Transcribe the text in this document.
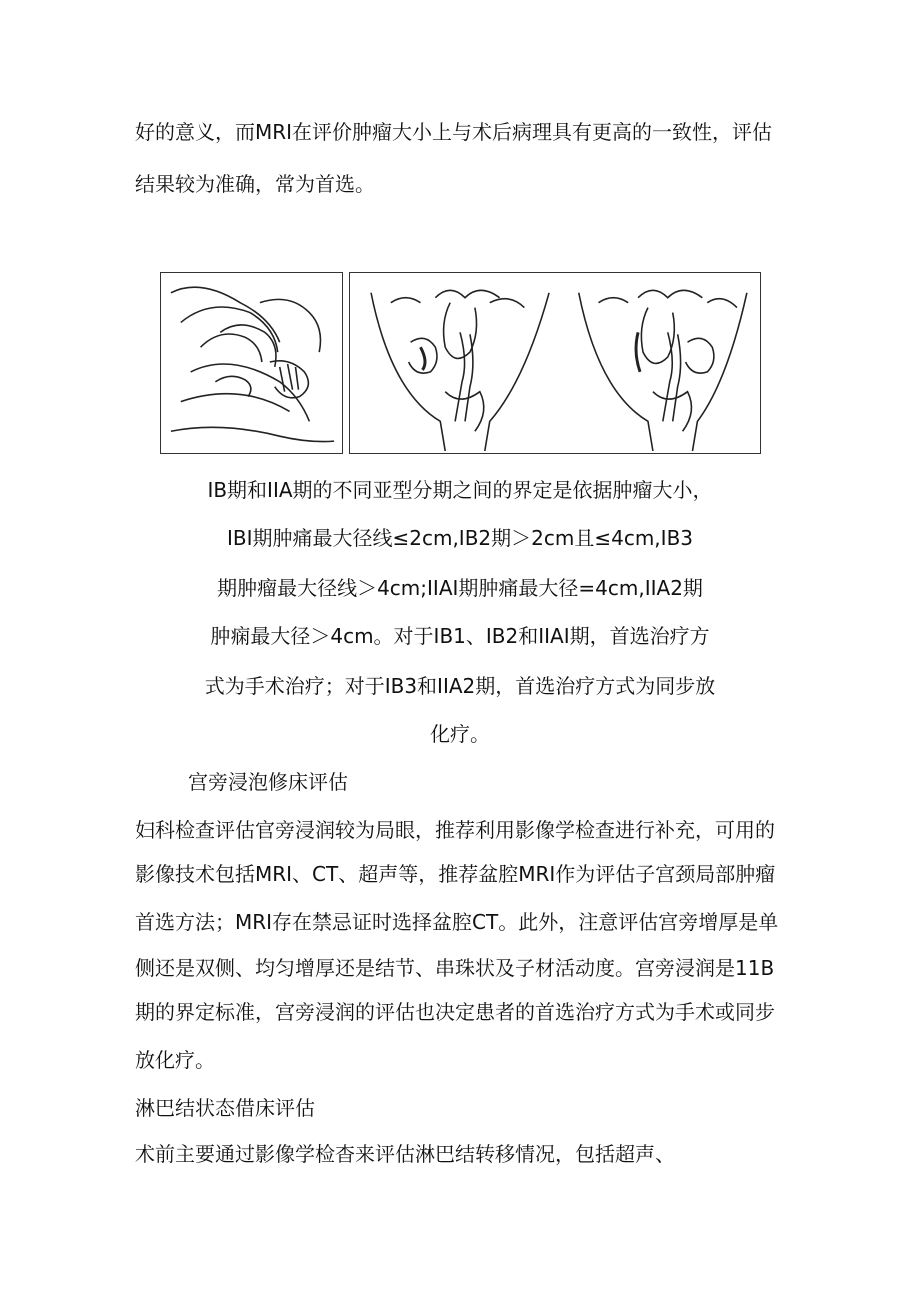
好的意义，而MRI在评价肿瘤大小上与术后病理具有更高的一致性，评估
结果较为准确，常为首选。
IB期和IIA期的不同亚型分期之间的界定是依据肿瘤大小，
IBI期肿痛最大径线≤2cm,IB2期＞2cm且≤4cm,IB3
期肿瘤最大径线＞4cm;IIAI期肿痛最大径=4cm,IIA2期
肿痫最大径＞4cm。对于IB1、IB2和IIAI期，首选治疗方
式为手术治疗；对于IB3和IIA2期，首选治疗方式为同步放
化疗。
宫旁浸泡修床评估
妇科检查评估官旁浸润较为局眼，推荐利用影像学检查进行补充，可用的
影像技术包括MRI、CT、超声等，推荐盆腔MRI作为评估子宫颈局部肿瘤
首选方法；MRI存在禁忌证时选择盆腔CT。此外，注意评估宫旁增厚是单
侧还是双侧、均匀增厚还是结节、串珠状及子材活动度。宫旁浸润是11B
期的界定标准，宫旁浸润的评估也决定患者的首选治疗方式为手术或同步
放化疗。
淋巴结状态借床评估
术前主要通过影像学检杳来评估淋巴结转移情况，包括超声、
